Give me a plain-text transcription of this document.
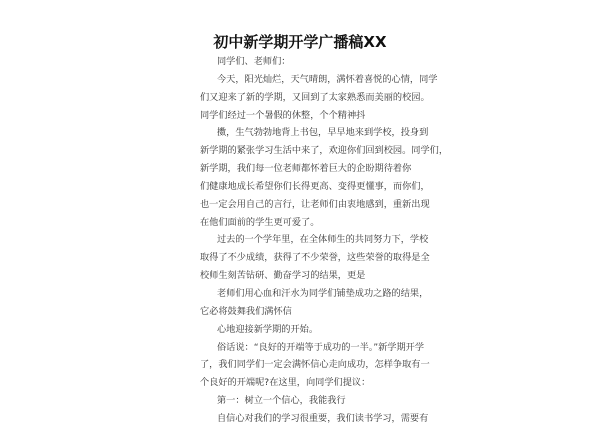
初中新学期开学广播稿XX
同学们、老师们：
今天，阳光灿烂，天气晴朗，满怀着喜悦的心情，同学
们又迎来了新的学期，又回到了太家熟悉而美丽的校园。
同学们经过一个暑假的休整，个个精神抖
擞，生气勃勃地背上书包，早早地来到学校，投身到
新学期的紧张学习生活中来了，欢迎你们回到校园。同学们，
新学期，我们每一位老师都怀着巨大的企盼期待着你
们健康地成长希望你们长得更高、变得更懂事，而你们，
也一定会用自己的言行，让老师们由衷地感到，重新出现
在他们面前的学生更可爱了。
过去的一个学年里，在全体师生的共同努力下，学校
取得了不少成绩，获得了不少荣誉，这些荣誉的取得是全
校师生刻苦钻研、勤奋学习的结果，更是
老师们用心血和汗水为同学们铺垫成功之路的结果，
它必将鼓舞我们满怀信
心地迎接新学期的开始。
俗话说：“良好的开端等于成功的一半。”新学期开学
了，我们同学们一定会满怀信心走向成功，怎样争取有一
个良好的开端呢?在这里，向同学们提议：
第一：树立一个信心，我能我行
自信心对我们的学习很重要，我们读书学习，需要有
